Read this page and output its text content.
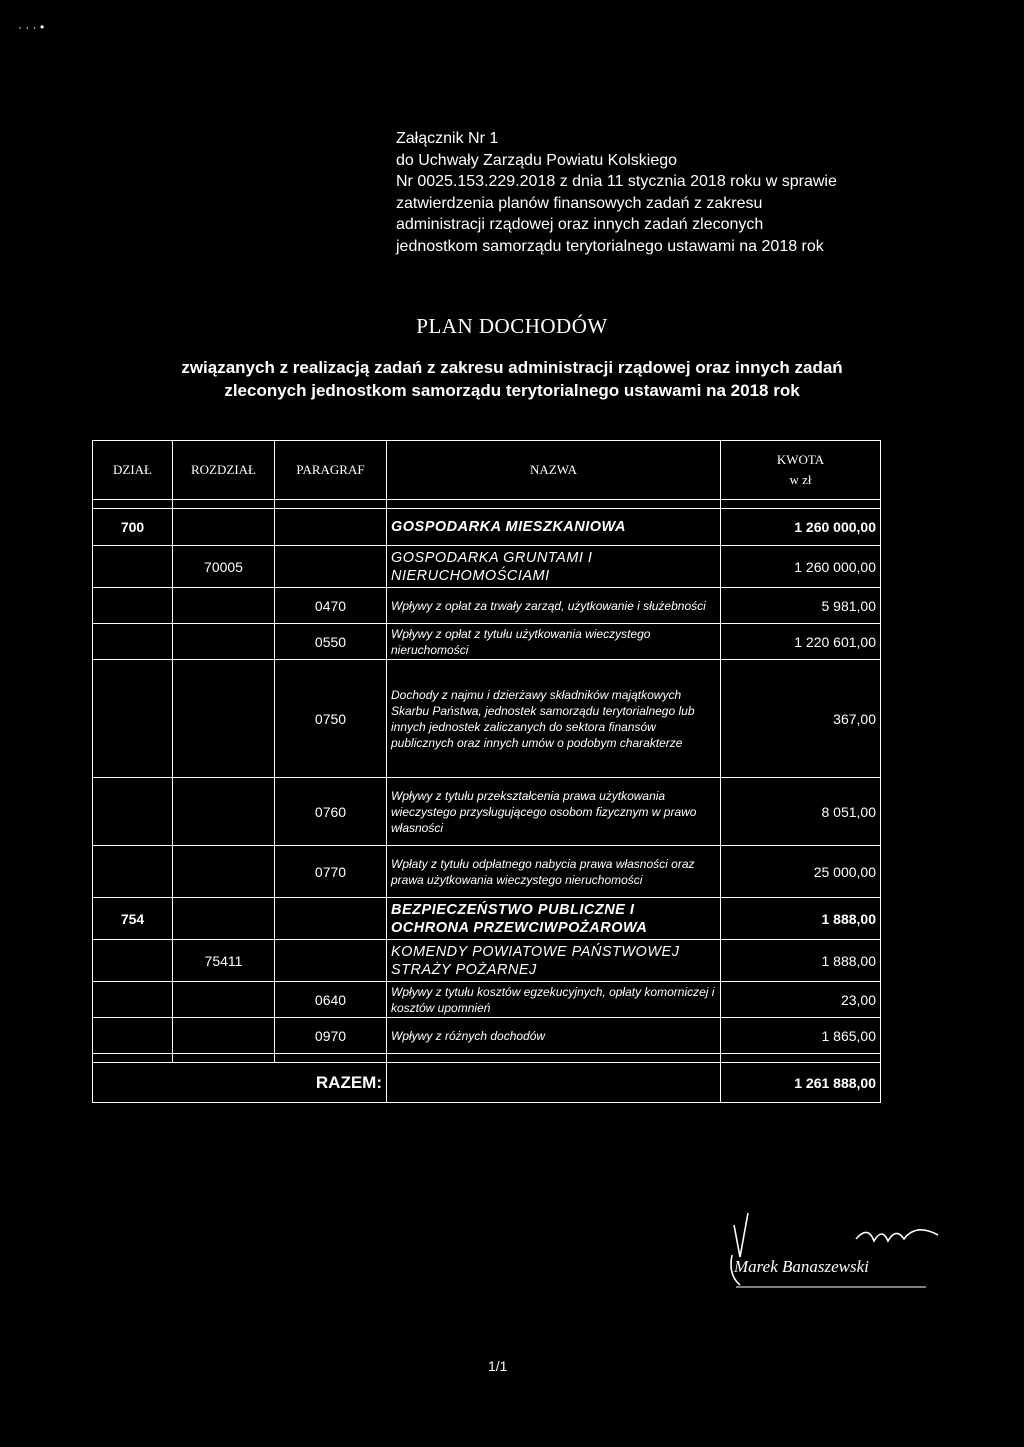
· · · •
Załącznik Nr 1
do Uchwały Zarządu Powiatu Kolskiego
Nr 0025.153.229.2018 z dnia 11 stycznia 2018 roku w sprawie
zatwierdzenia planów finansowych zadań z zakresu
administracji rządowej oraz innych zadań zleconych
jednostkom samorządu terytorialnego ustawami na 2018 rok
PLAN DOCHODÓW
związanych z realizacją zadań z zakresu administracji rządowej oraz innych zadań
zleconych jednostkom samorządu terytorialnego ustawami na 2018 rok
DZIAŁ	ROZDZIAŁ	PARAGRAF	NAZWA	KWOTA
w zł

700			GOSPODARKA MIESZKANIOWA	1 260 000,00
	70005		GOSPODARKA GRUNTAMI I NIERUCHOMOŚCIAMI	1 260 000,00
		0470	Wpływy z opłat za trwały zarząd, użytkowanie i służebności	5 981,00
		0550	Wpływy z opłat z tytułu użytkowania wieczystego nieruchomości	1 220 601,00
		0750	Dochody z najmu i dzierżawy składników majątkowych Skarbu Państwa, jednostek samorządu terytorialnego lub innych jednostek zaliczanych do sektora finansów publicznych oraz innych umów o podobym charakterze	367,00
		0760	Wpływy z tytułu przekształcenia prawa użytkowania wieczystego przysługującego osobom fizycznym w prawo własności	8 051,00
		0770	Wpłaty z tytułu odpłatnego nabycia prawa własności oraz prawa użytkowania wieczystego nieruchomości	25 000,00
754			BEZPIECZEŃSTWO PUBLICZNE I OCHRONA PRZEWCIWPOŻAROWA	1 888,00
	75411		KOMENDY POWIATOWE PAŃSTWOWEJ STRAŻY POŻARNEJ	1 888,00
		0640	Wpływy z tytułu kosztów egzekucyjnych, opłaty komorniczej i kosztów upomnień	23,00
		0970	Wpływy z różnych dochodów	1 865,00

RAZEM:				1 261 888,00
Marek Banaszewski
1/1
